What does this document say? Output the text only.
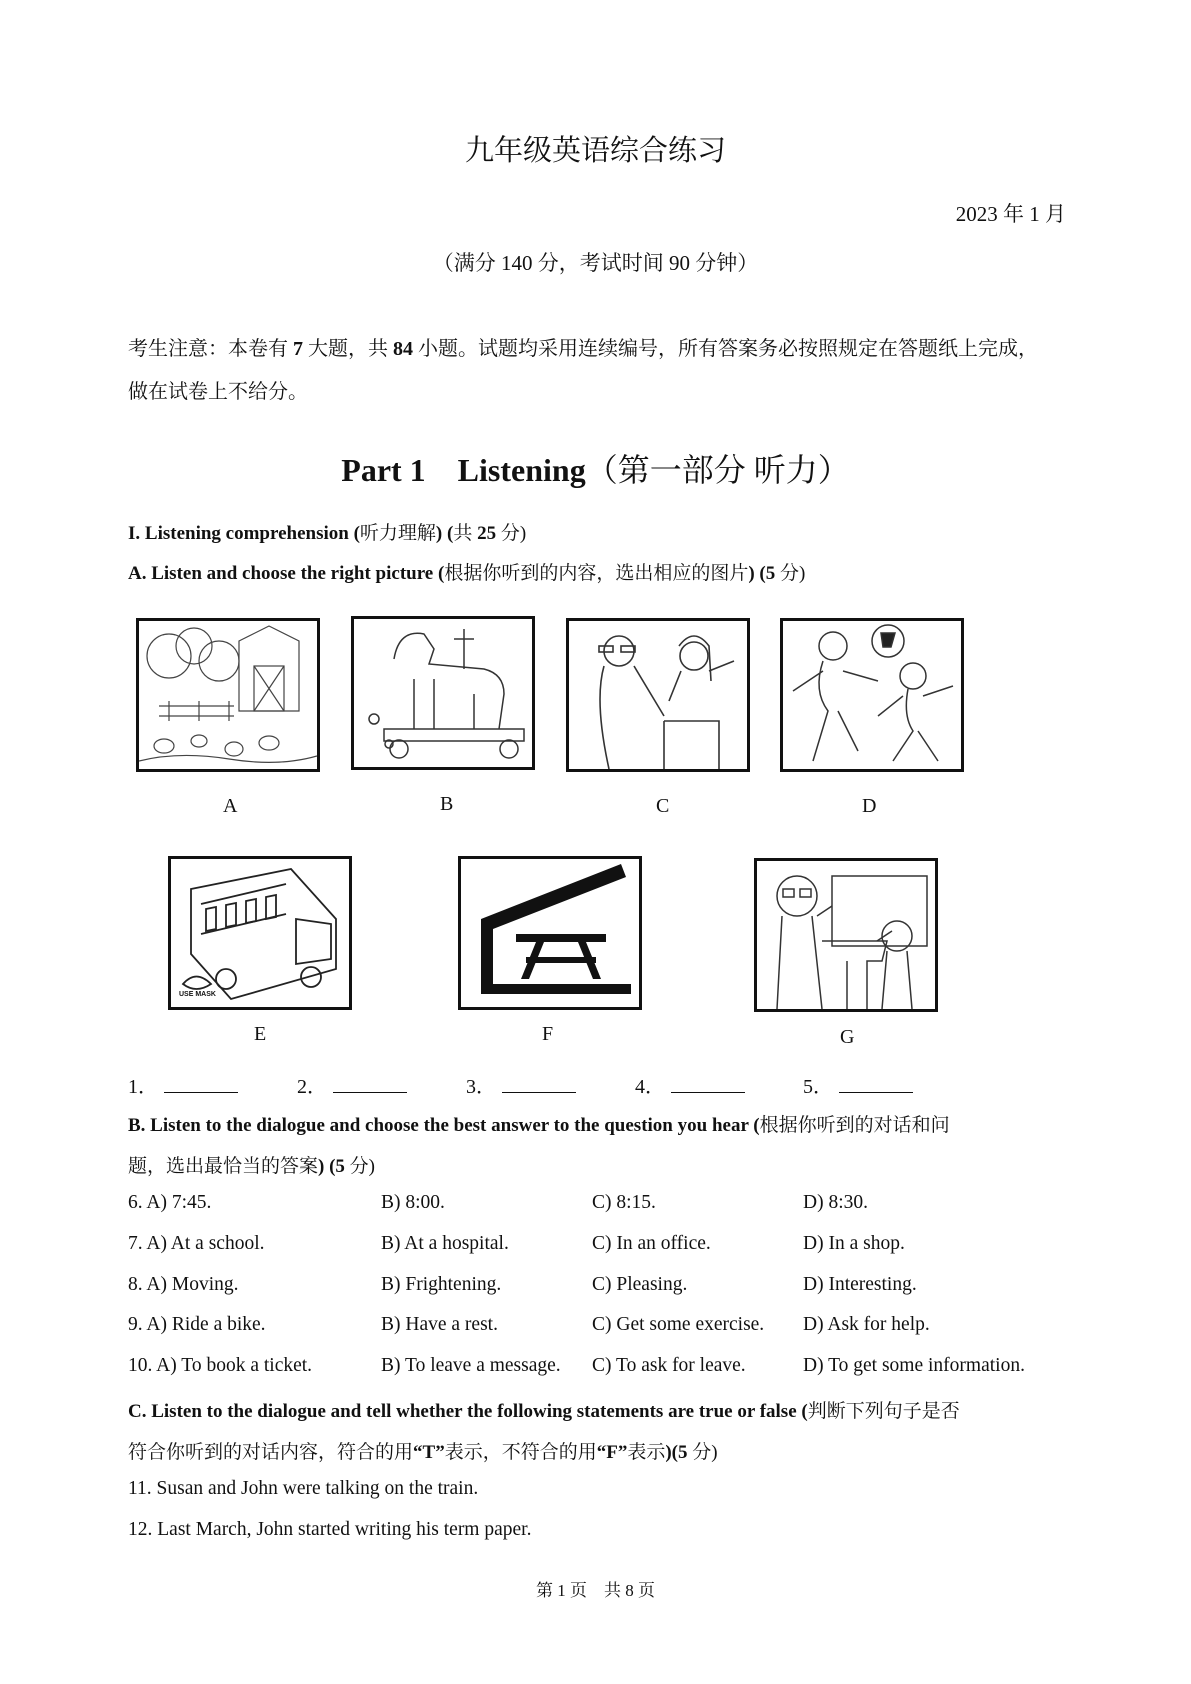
九年级英语综合练习
2023 年 1 月
（满分 140 分，考试时间 90 分钟）
考生注意：本卷有 7 大题，共 84 小题。试题均采用连续编号，所有答案务必按照规定在答题纸上完成，
做在试卷上不给分。
Part 1　Listening（第一部分 听力）
I. Listening comprehension (听力理解) (共 25 分)
A. Listen and choose the right picture (根据你听到的内容，选出相应的图片) (5 分)
A	B	C	D
USE MASK
E	F	G
1．	2．	3．	4．	5．
B. Listen to the dialogue and choose the best answer to the question you hear (根据你听到的对话和问
题，选出最恰当的答案) (5 分)
6. A) 7:45.	B) 8:00.	C) 8:15.	D) 8:30.
7. A) At a school.	B) At a hospital.	C) In an office.	D) In a shop.
8. A) Moving.	B) Frightening.	C) Pleasing.	D) Interesting.
9. A) Ride a bike.	B) Have a rest.	C) Get some exercise. D) Ask for help.
10. A) To book a ticket.	B) To leave a message. C) To ask for leave.	D) To get some information.
C. Listen to the dialogue and tell whether the following statements are true or false (判断下列句子是否
符合你听到的对话内容，符合的用“T”表示，不符合的用“F”表示)(5 分)
11. Susan and John were talking on the train.
12. Last March, John started writing his term paper.
第 1 页　共 8 页
